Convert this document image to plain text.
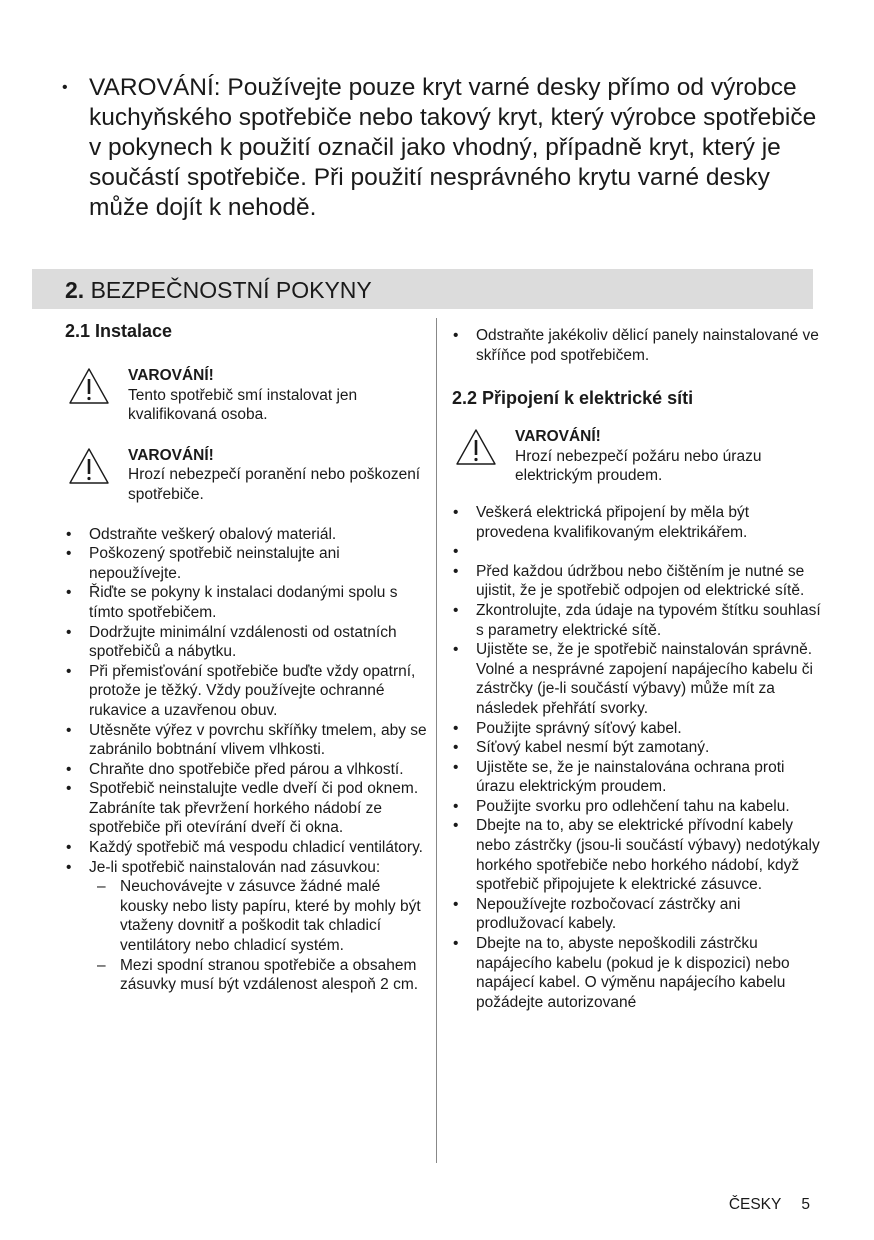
• VAROVÁNÍ: Používejte pouze kryt varné desky přímo od výrobce kuchyňského spotřebiče nebo takový kryt, který výrobce spotřebiče v pokynech k použití označil jako vhodný, případně kryt, který je součástí spotřebiče. Při použití nesprávného krytu varné desky může dojít k nehodě.
2. BEZPEČNOSTNÍ POKYNY
2.1 Instalace
VAROVÁNÍ!
Tento spotřebič smí instalovat jen kvalifikovaná osoba.
VAROVÁNÍ!
Hrozí nebezpečí poranění nebo poškození spotřebiče.
• Odstraňte veškerý obalový materiál.
• Poškozený spotřebič neinstalujte ani nepoužívejte.
• Řiďte se pokyny k instalaci dodanými spolu s tímto spotřebičem.
• Dodržujte minimální vzdálenosti od ostatních spotřebičů a nábytku.
• Při přemisťování spotřebiče buďte vždy opatrní, protože je těžký. Vždy používejte ochranné rukavice a uzavřenou obuv.
• Utěsněte výřez v povrchu skříňky tmelem, aby se zabránilo bobtnání vlivem vlhkosti.
• Chraňte dno spotřebiče před párou a vlhkostí.
• Spotřebič neinstalujte vedle dveří či pod oknem. Zabráníte tak převržení horkého nádobí ze spotřebiče při otevírání dveří či okna.
• Každý spotřebič má vespodu chladicí ventilátory.
• Je-li spotřebič nainstalován nad zásuvkou:
– Neuchovávejte v zásuvce žádné malé kousky nebo listy papíru, které by mohly být vtaženy dovnitř a poškodit tak chladicí ventilátory nebo chladicí systém.
– Mezi spodní stranou spotřebiče a obsahem zásuvky musí být vzdálenost alespoň 2 cm.
• Odstraňte jakékoliv dělicí panely nainstalované ve skříňce pod spotřebičem.
2.2 Připojení k elektrické síti
VAROVÁNÍ!
Hrozí nebezpečí požáru nebo úrazu elektrickým proudem.
• Veškerá elektrická připojení by měla být provedena kvalifikovaným elektrikářem.
•
• Před každou údržbou nebo čištěním je nutné se ujistit, že je spotřebič odpojen od elektrické sítě.
• Zkontrolujte, zda údaje na typovém štítku souhlasí s parametry elektrické sítě.
• Ujistěte se, že je spotřebič nainstalován správně. Volné a nesprávné zapojení napájecího kabelu či zástrčky (je-li součástí výbavy) může mít za následek přehřátí svorky.
• Použijte správný síťový kabel.
• Síťový kabel nesmí být zamotaný.
• Ujistěte se, že je nainstalována ochrana proti úrazu elektrickým proudem.
• Použijte svorku pro odlehčení tahu na kabelu.
• Dbejte na to, aby se elektrické přívodní kabely nebo zástrčky (jsou-li součástí výbavy) nedotýkaly horkého spotřebiče nebo horkého nádobí, když spotřebič připojujete k elektrické zásuvce.
• Nepoužívejte rozbočovací zástrčky ani prodlužovací kabely.
• Dbejte na to, abyste nepoškodili zástrčku napájecího kabelu (pokud je k dispozici) nebo napájecí kabel. O výměnu napájecího kabelu požádejte autorizované
ČESKY 5
